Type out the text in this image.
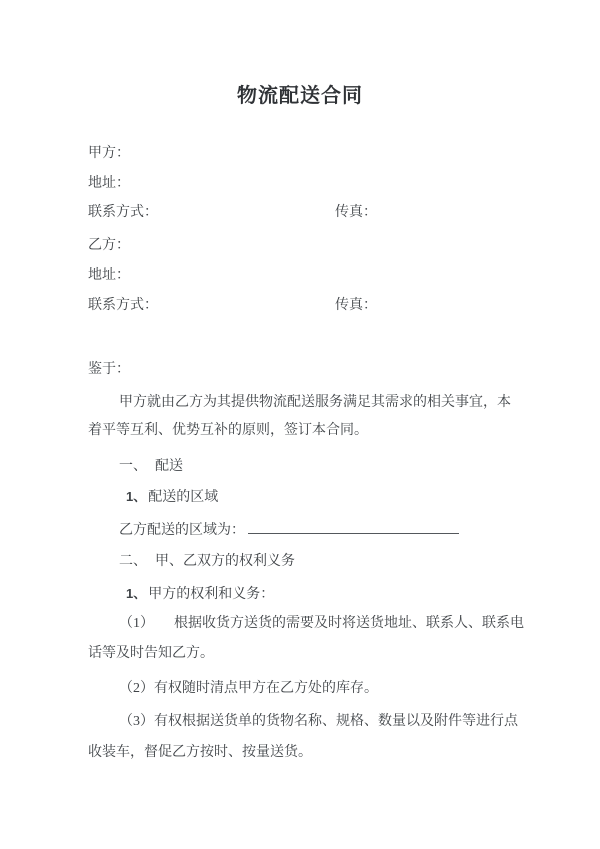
物流配送合同
甲方：
地址：
联系方式：	传真：
乙方：
地址：
联系方式：	传真：
鉴于：
甲方就由乙方为其提供物流配送服务满足其需求的相关事宜，本
着平等互利、优势互补的原则，签订本合同。
一、 配送
1、 配送的区域
乙方配送的区域为：
二、 甲、乙双方的权利义务
1、 甲方的权利和义务：
（1） 根据收货方送货的需要及时将送货地址、联系人、联系电
话等及时告知乙方。
（2）有权随时清点甲方在乙方处的库存。
（3）有权根据送货单的货物名称、规格、数量以及附件等进行点
收装车，督促乙方按时、按量送货。
